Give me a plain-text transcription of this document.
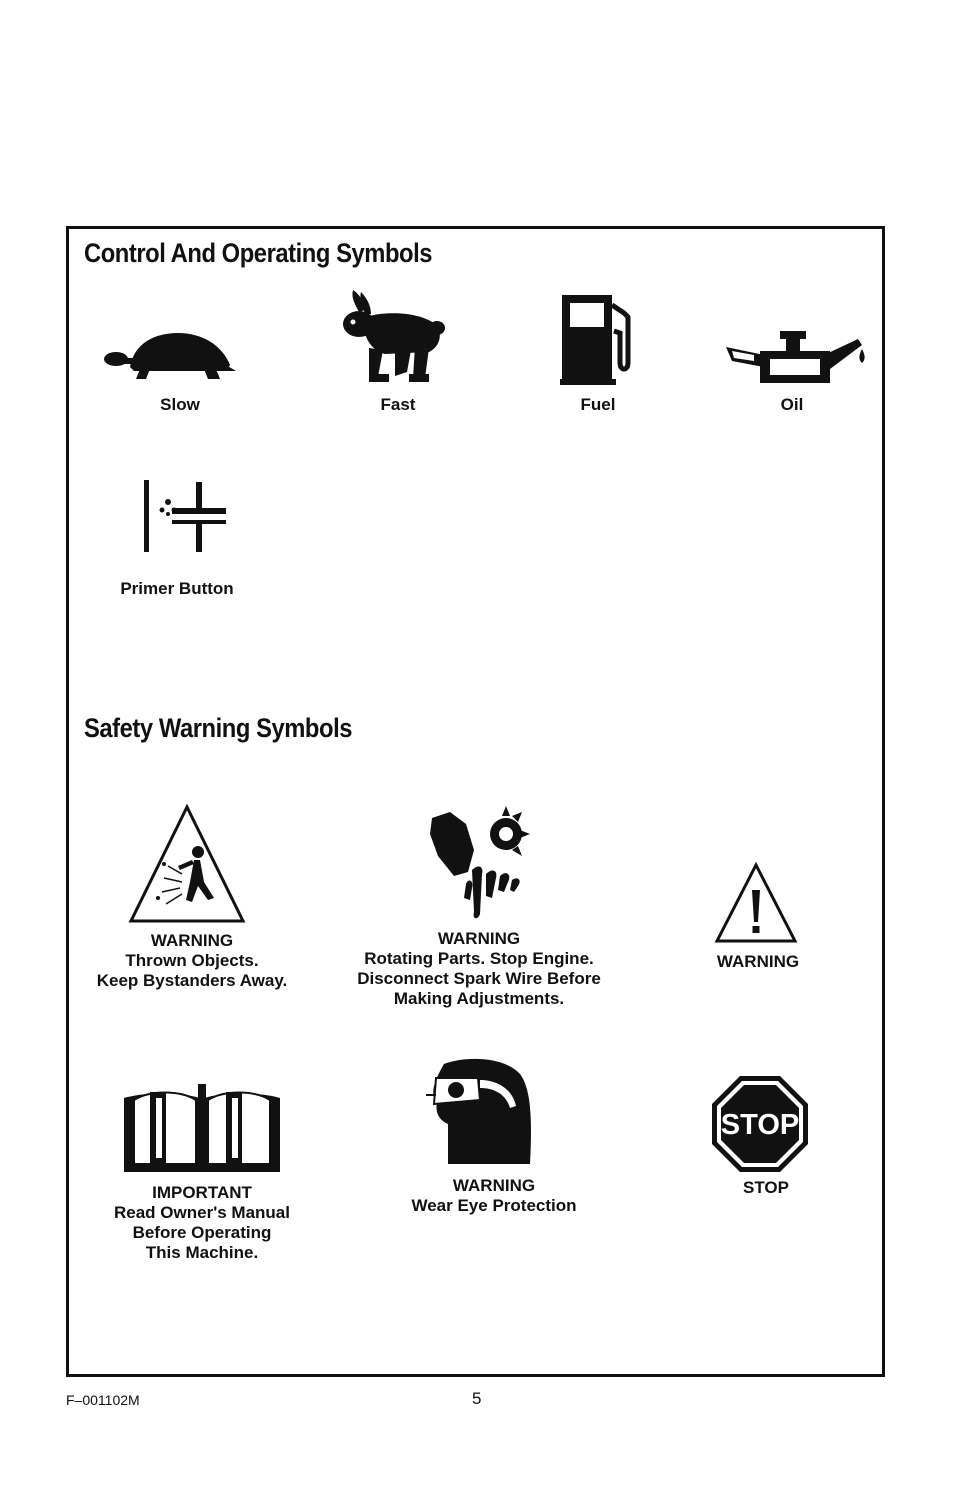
Control And Operating Symbols
Slow	Fast	Fuel	Oil
Primer Button
Safety Warning Symbols
WARNING
Thrown Objects.
Keep Bystanders Away.
WARNING
Rotating Parts. Stop Engine.
Disconnect Spark Wire Before
Making Adjustments.
WARNING
IMPORTANT
Read Owner's Manual
Before Operating
This Machine.
WARNING
Wear Eye Protection
STOP
STOP
F–001102M	5
